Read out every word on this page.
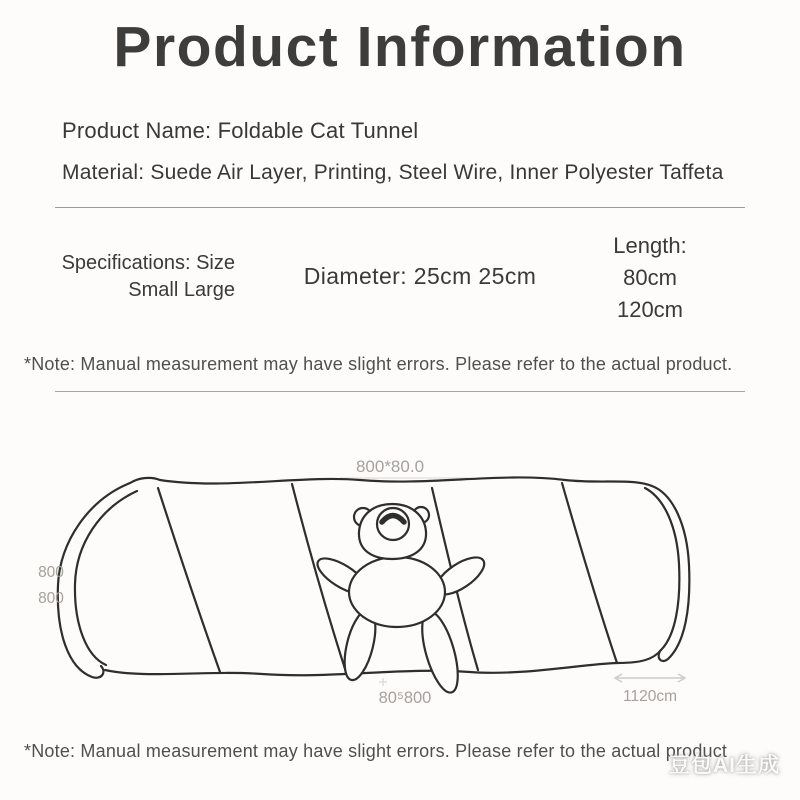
Product Information
Product Name: Foldable Cat Tunnel
Material: Suede Air Layer, Printing, Steel Wire, Inner Polyester Taffeta
Specifications: Size
Small Large
Diameter: 25cm 25cm
Length:
80cm
120cm
*Note: Manual measurement may have slight errors. Please refer to the actual product.
800*80.0
800
800
80⁵800	1120cm
*Note: Manual measurement may have slight errors. Please refer to the actual product
豆包AI生成
